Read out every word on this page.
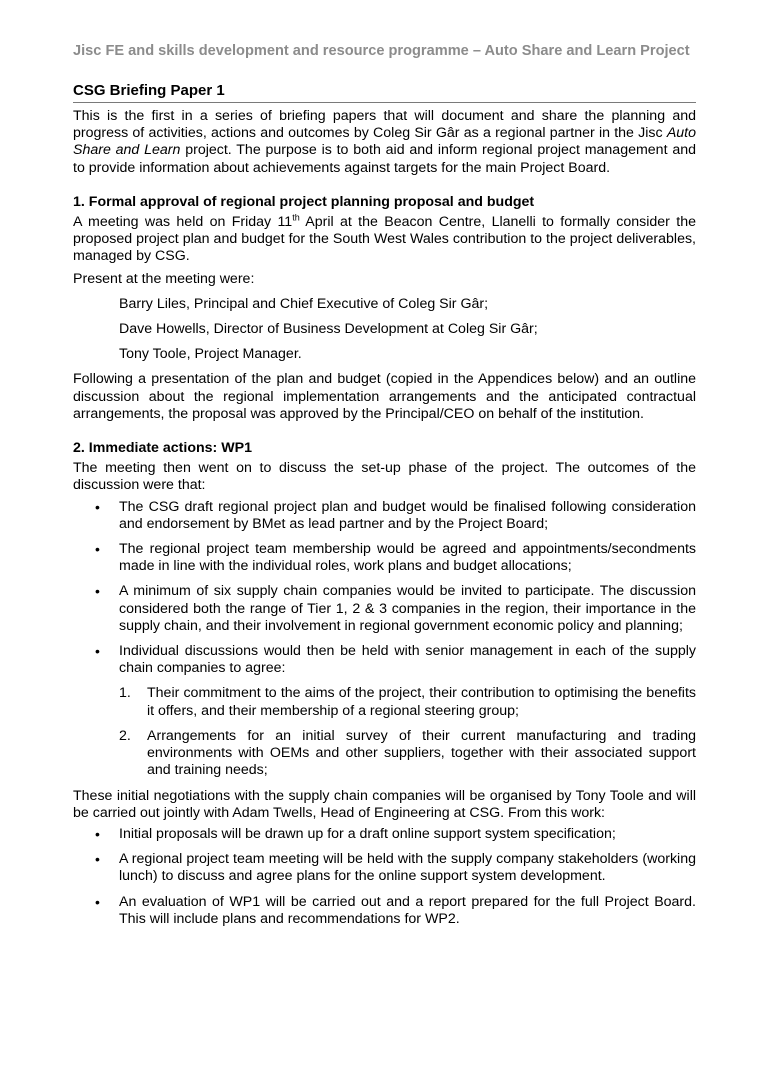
Jisc FE and skills development and resource programme – Auto Share and Learn Project

CSG Briefing Paper 1

This is the first in a series of briefing papers that will document and share the planning and progress of activities, actions and outcomes by Coleg Sir Gâr as a regional partner in the Jisc Auto Share and Learn project. The purpose is to both aid and inform regional project management and to provide information about achievements against targets for the main Project Board.

1. Formal approval of regional project planning proposal and budget

A meeting was held on Friday 11th April at the Beacon Centre, Llanelli to formally consider the proposed project plan and budget for the South West Wales contribution to the project deliverables, managed by CSG.

Present at the meeting were:

Barry Liles, Principal and Chief Executive of Coleg Sir Gâr;

Dave Howells, Director of Business Development at Coleg Sir Gâr;

Tony Toole, Project Manager.

Following a presentation of the plan and budget (copied in the Appendices below) and an outline discussion about the regional implementation arrangements and the anticipated contractual arrangements, the proposal was approved by the Principal/CEO on behalf of the institution.

2. Immediate actions: WP1

The meeting then went on to discuss the set-up phase of the project. The outcomes of the discussion were that:

• The CSG draft regional project plan and budget would be finalised following consideration and endorsement by BMet as lead partner and by the Project Board;

• The regional project team membership would be agreed and appointments/secondments made in line with the individual roles, work plans and budget allocations;

• A minimum of six supply chain companies would be invited to participate. The discussion considered both the range of Tier 1, 2 & 3 companies in the region, their importance in the supply chain, and their involvement in regional government economic policy and planning;

• Individual discussions would then be held with senior management in each of the supply chain companies to agree:

1. Their commitment to the aims of the project, their contribution to optimising the benefits it offers, and their membership of a regional steering group;

2. Arrangements for an initial survey of their current manufacturing and trading environments with OEMs and other suppliers, together with their associated support and training needs;

These initial negotiations with the supply chain companies will be organised by Tony Toole and will be carried out jointly with Adam Twells, Head of Engineering at CSG. From this work:

• Initial proposals will be drawn up for a draft online support system specification;

• A regional project team meeting will be held with the supply company stakeholders (working lunch) to discuss and agree plans for the online support system development.

• An evaluation of WP1 will be carried out and a report prepared for the full Project Board. This will include plans and recommendations for WP2.
